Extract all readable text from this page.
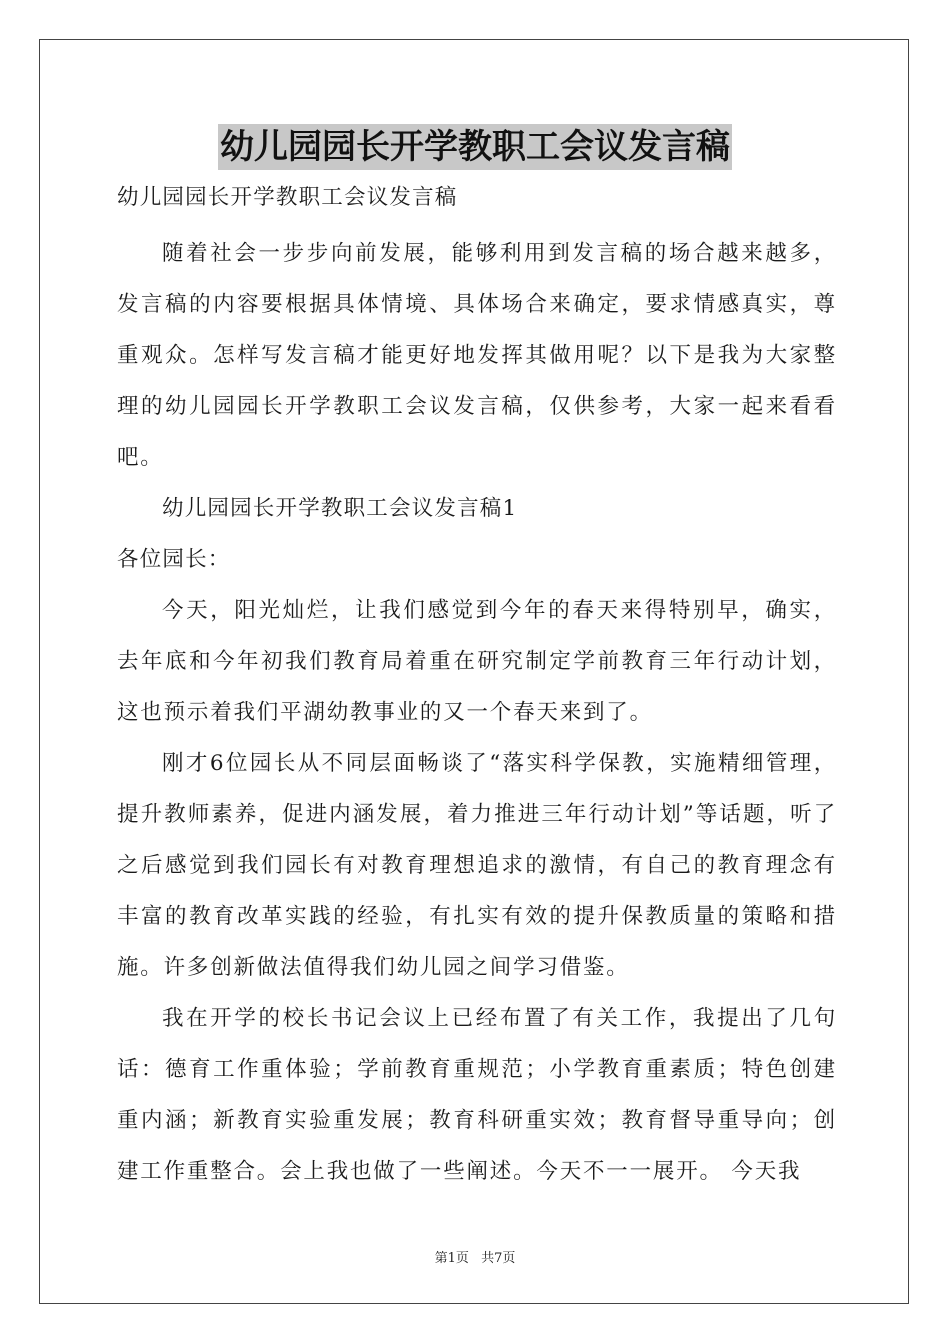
幼儿园园长开学教职工会议发言稿

幼儿园园长开学教职工会议发言稿

随着社会一步步向前发展，能够利用到发言稿的场合越来越多，发言稿的内容要根据具体情境、具体场合来确定，要求情感真实，尊重观众。怎样写发言稿才能更好地发挥其做用呢？以下是我为大家整理的幼儿园园长开学教职工会议发言稿，仅供参考，大家一起来看看吧。

幼儿园园长开学教职工会议发言稿1

各位园长：

今天，阳光灿烂，让我们感觉到今年的春天来得特别早，确实，去年底和今年初我们教育局着重在研究制定学前教育三年行动计划，这也预示着我们平湖幼教事业的又一个春天来到了。

刚才6位园长从不同层面畅谈了“落实科学保教，实施精细管理，提升教师素养，促进内涵发展，着力推进三年行动计划”等话题，听了之后感觉到我们园长有对教育理想追求的激情，有自己的教育理念有丰富的教育改革实践的经验，有扎实有效的提升保教质量的策略和措施。许多创新做法值得我们幼儿园之间学习借鉴。

我在开学的校长书记会议上已经布置了有关工作，我提出了几句话：德育工作重体验；学前教育重规范；小学教育重素质；特色创建重内涵；新教育实验重发展；教育科研重实效；教育督导重导向；创建工作重整合。会上我也做了一些阐述。今天不一一展开。 今天我

第1页 共7页
